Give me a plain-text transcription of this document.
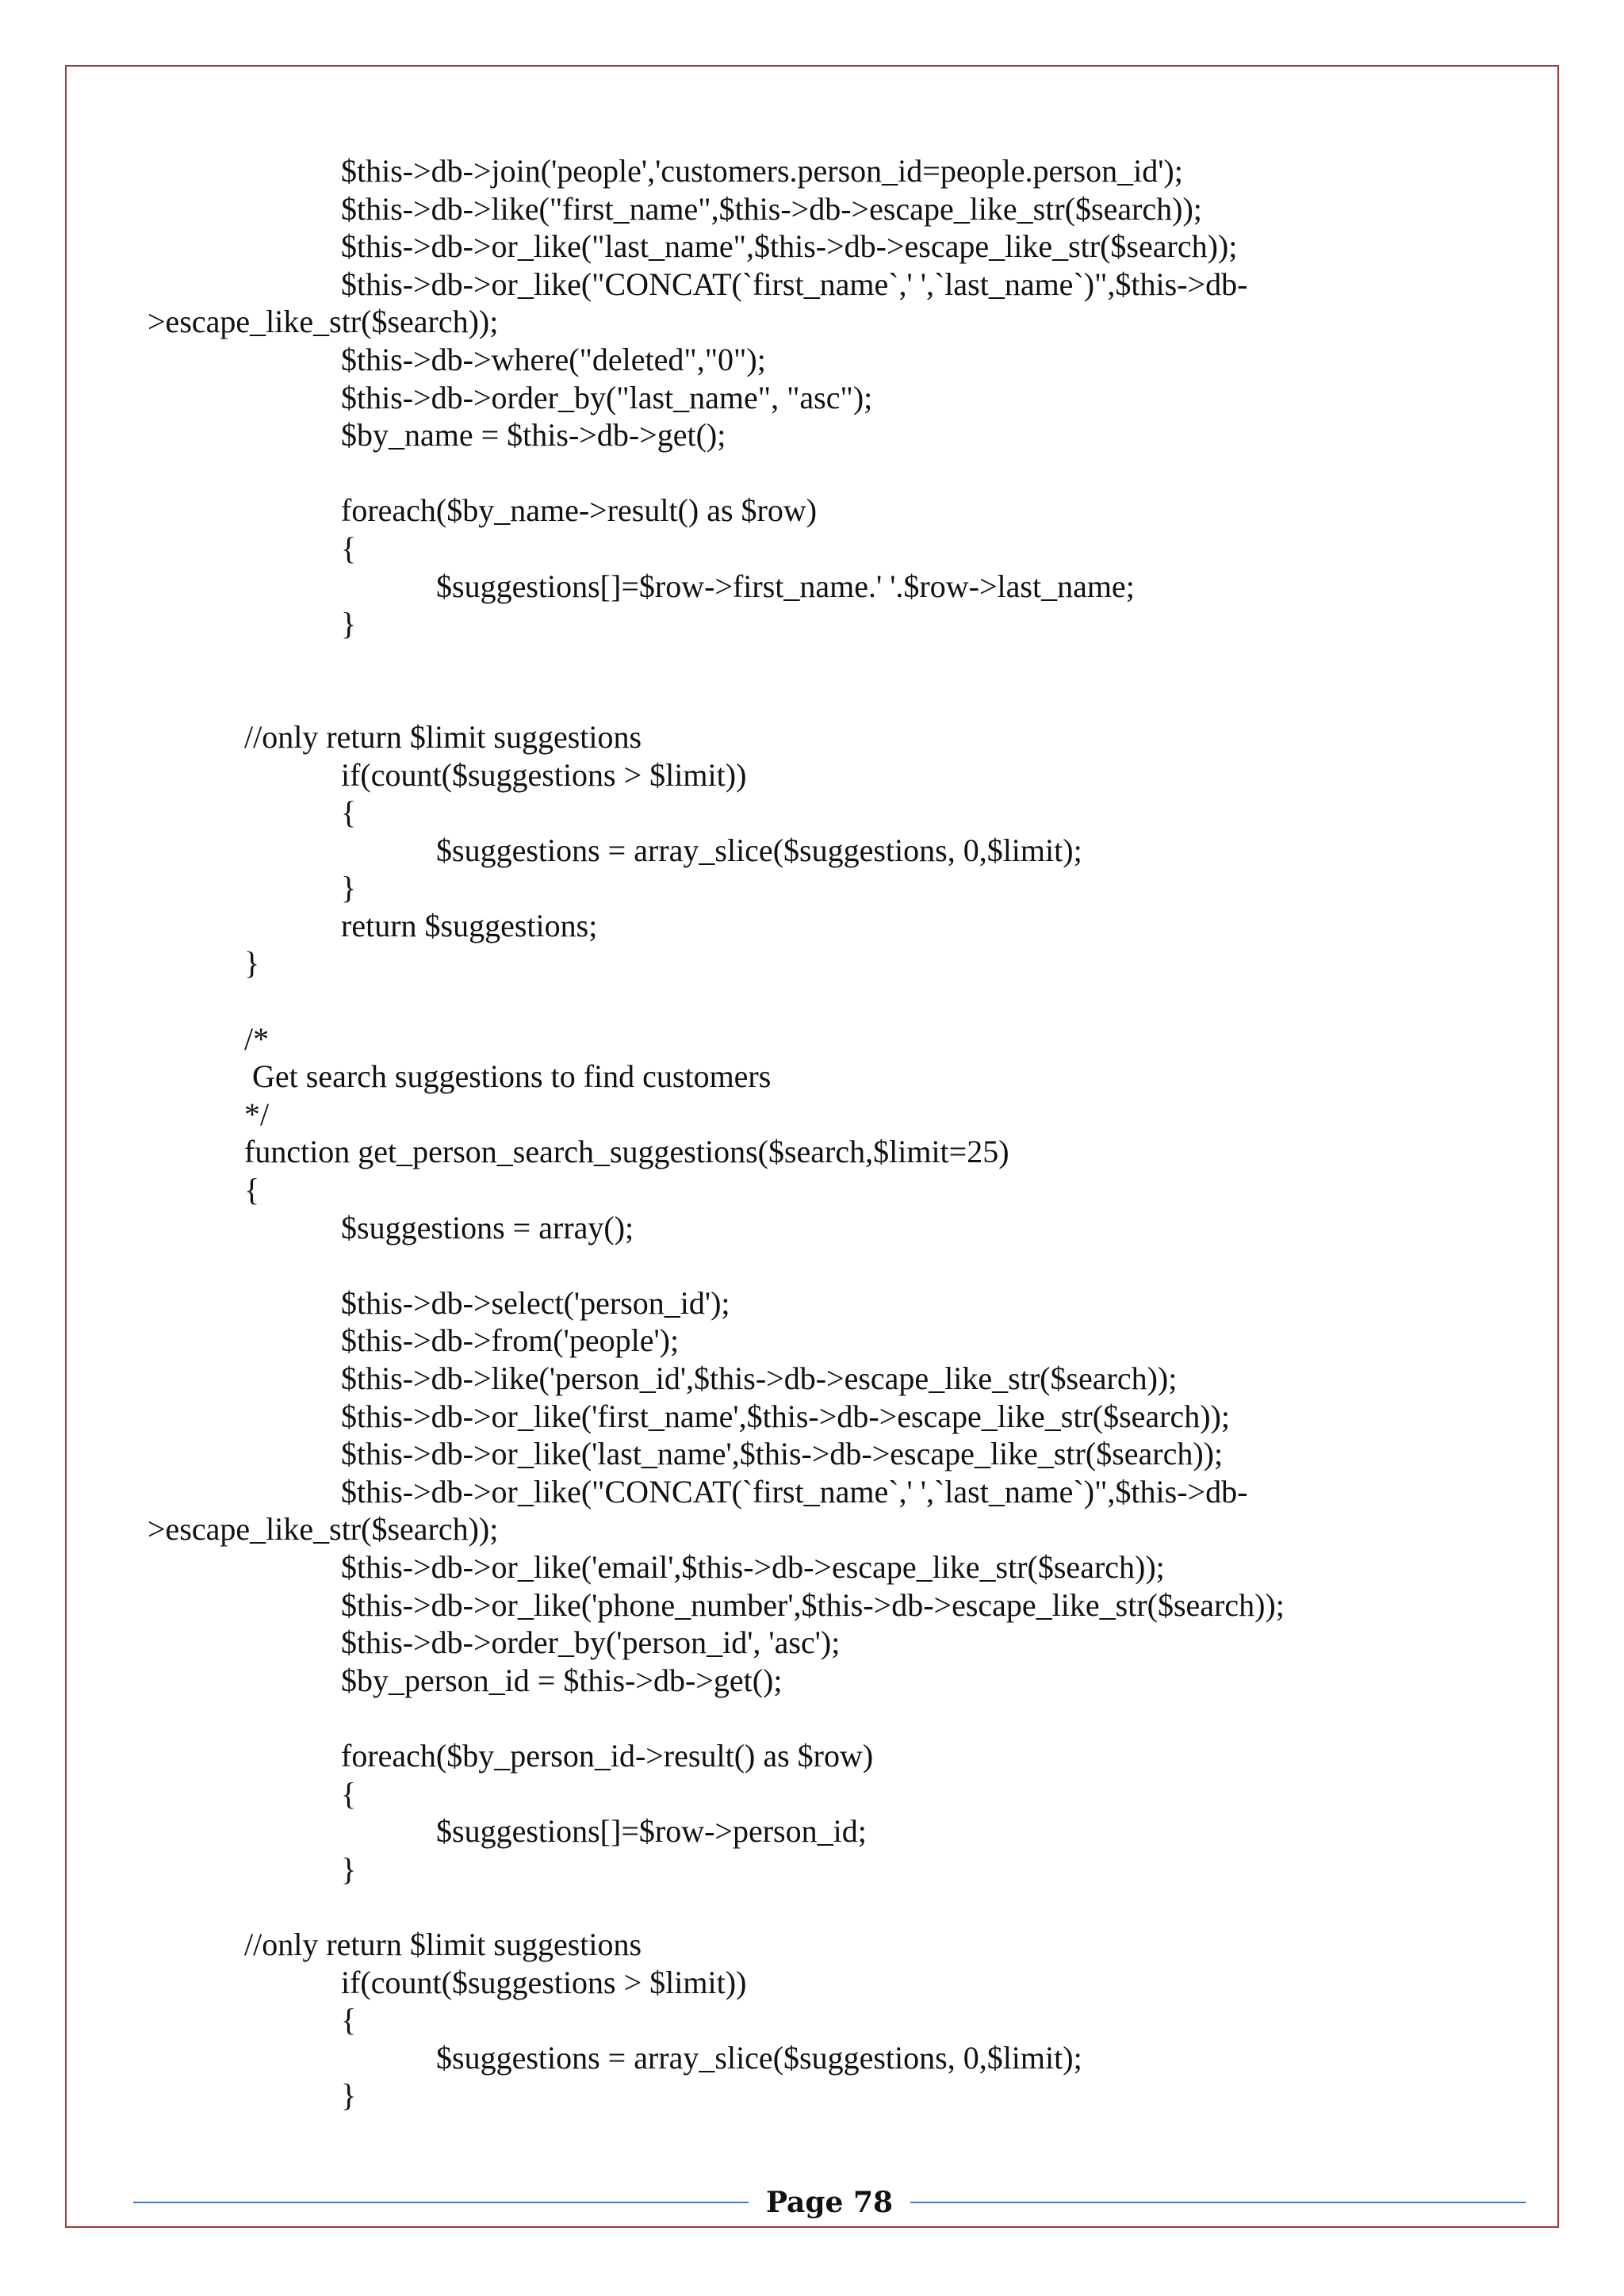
$this->db->join('people','customers.person_id=people.person_id');
$this->db->like("first_name",$this->db->escape_like_str($search));
$this->db->or_like("last_name",$this->db->escape_like_str($search));
$this->db->or_like("CONCAT(`first_name`,' ',`last_name`)",$this->db-
>escape_like_str($search));
$this->db->where("deleted","0");
$this->db->order_by("last_name", "asc");
$by_name = $this->db->get();
foreach($by_name->result() as $row)
{
$suggestions[]=$row->first_name.' '.$row->last_name;
}
//only return $limit suggestions
if(count($suggestions > $limit))
{
$suggestions = array_slice($suggestions, 0,$limit);
}
return $suggestions;
}
/*
Get search suggestions to find customers
*/
function get_person_search_suggestions($search,$limit=25)
{
$suggestions = array();
$this->db->select('person_id');
$this->db->from('people');
$this->db->like('person_id',$this->db->escape_like_str($search));
$this->db->or_like('first_name',$this->db->escape_like_str($search));
$this->db->or_like('last_name',$this->db->escape_like_str($search));
$this->db->or_like("CONCAT(`first_name`,' ',`last_name`)",$this->db-
>escape_like_str($search));
$this->db->or_like('email',$this->db->escape_like_str($search));
$this->db->or_like('phone_number',$this->db->escape_like_str($search));
$this->db->order_by('person_id', 'asc');
$by_person_id = $this->db->get();
foreach($by_person_id->result() as $row)
{
$suggestions[]=$row->person_id;
}
//only return $limit suggestions
if(count($suggestions > $limit))
{
$suggestions = array_slice($suggestions, 0,$limit);
}
Page 78
